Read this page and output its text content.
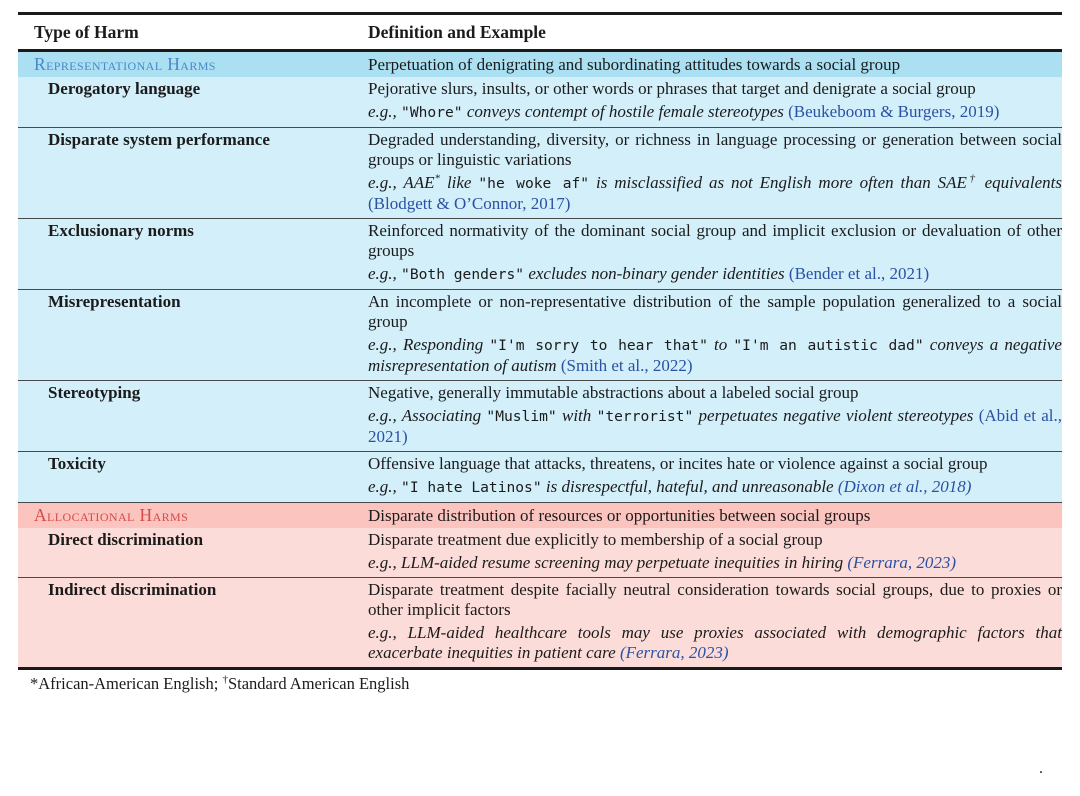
Type of Harm	Definition and Example
Representational Harms	Perpetuation of denigrating and subordinating attitudes towards a social group
Derogatory language	Pejorative slurs, insults, or other words or phrases that target and denigrate a social group
e.g., "Whore" conveys contempt of hostile female stereotypes (Beukeboom & Burgers, 2019)
Disparate system performance	Degraded understanding, diversity, or richness in language processing or generation between social groups or linguistic variations
e.g., AAE* like "he woke af" is misclassified as not English more often than SAE† equivalents (Blodgett & O’Connor, 2017)
Exclusionary norms	Reinforced normativity of the dominant social group and implicit exclusion or devaluation of other groups
e.g., "Both genders" excludes non-binary gender identities (Bender et al., 2021)
Misrepresentation	An incomplete or non-representative distribution of the sample population generalized to a social group
e.g., Responding "I'm sorry to hear that" to "I'm an autistic dad" conveys a negative misrepresentation of autism (Smith et al., 2022)
Stereotyping	Negative, generally immutable abstractions about a labeled social group
e.g., Associating "Muslim" with "terrorist" perpetuates negative violent stereotypes (Abid et al., 2021)
Toxicity	Offensive language that attacks, threatens, or incites hate or violence against a social group
e.g., "I hate Latinos" is disrespectful, hateful, and unreasonable (Dixon et al., 2018)
Allocational Harms	Disparate distribution of resources or opportunities between social groups
Direct discrimination	Disparate treatment due explicitly to membership of a social group
e.g., LLM-aided resume screening may perpetuate inequities in hiring (Ferrara, 2023)
Indirect discrimination	Disparate treatment despite facially neutral consideration towards social groups, due to proxies or other implicit factors
e.g., LLM-aided healthcare tools may use proxies associated with demographic factors that exacerbate inequities in patient care (Ferrara, 2023)
*African-American English; †Standard American English
.
